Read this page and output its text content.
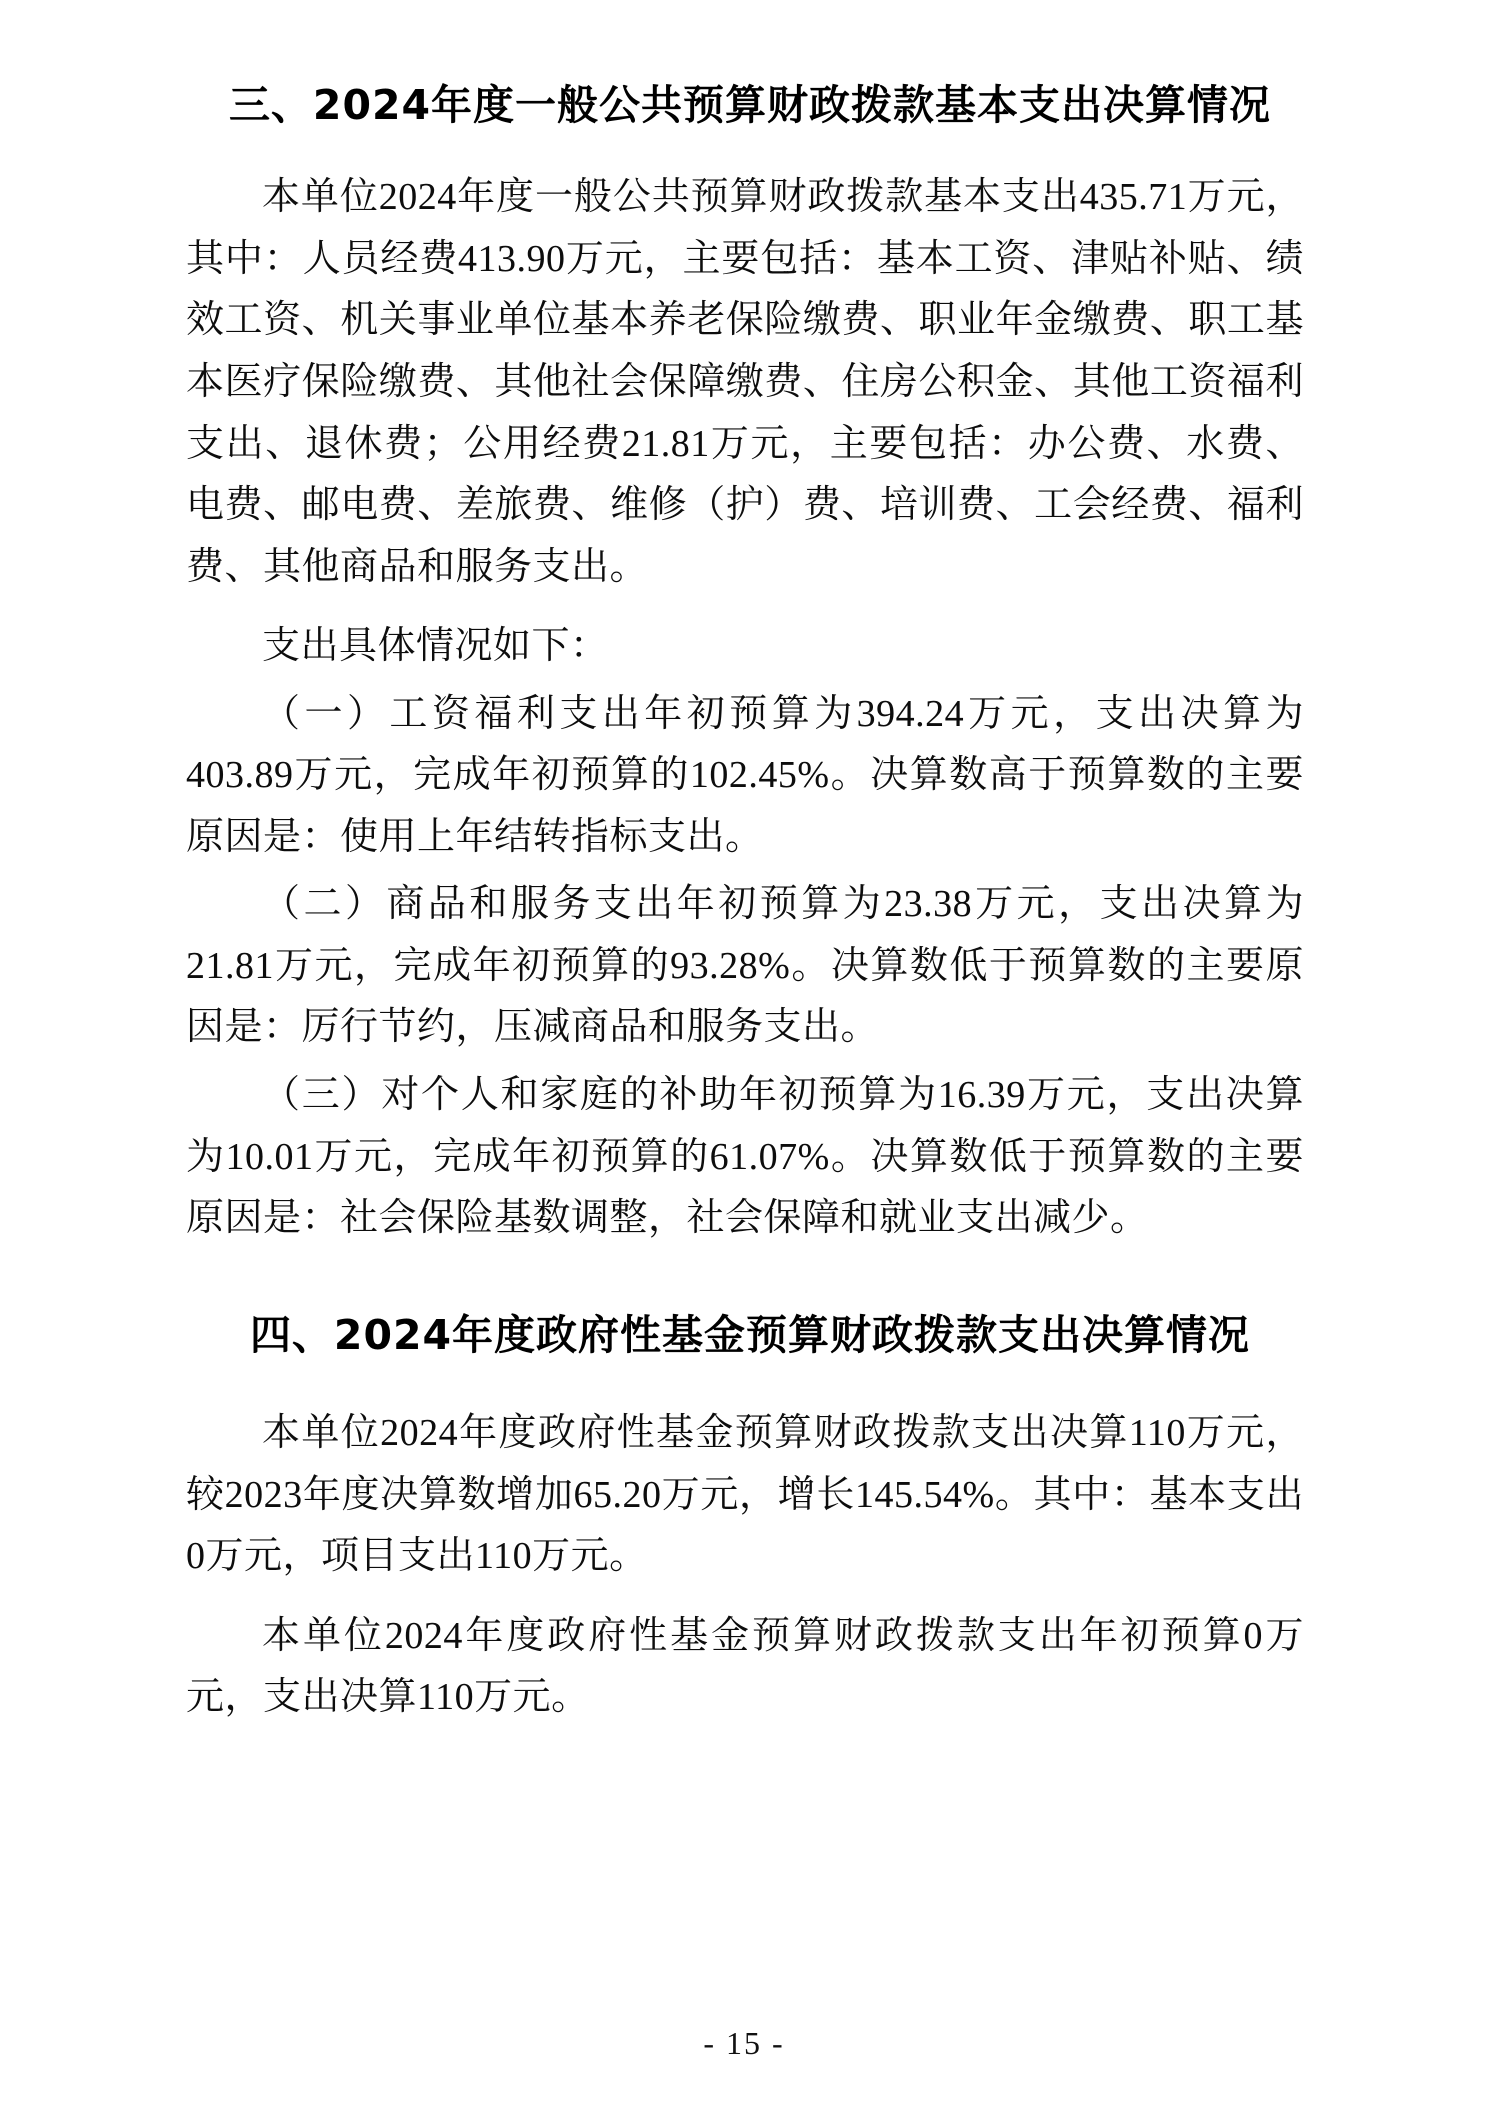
三、2024年度一般公共预算财政拨款基本支出决算情况

本单位2024年度一般公共预算财政拨款基本支出435.71万元，其中：人员经费413.90万元，主要包括：基本工资、津贴补贴、绩效工资、机关事业单位基本养老保险缴费、职业年金缴费、职工基本医疗保险缴费、其他社会保障缴费、住房公积金、其他工资福利支出、退休费；公用经费21.81万元，主要包括：办公费、水费、电费、邮电费、差旅费、维修（护）费、培训费、工会经费、福利费、其他商品和服务支出。

支出具体情况如下：

（一）工资福利支出年初预算为394.24万元，支出决算为403.89万元，完成年初预算的102.45%。决算数高于预算数的主要原因是：使用上年结转指标支出。

（二）商品和服务支出年初预算为23.38万元，支出决算为21.81万元，完成年初预算的93.28%。决算数低于预算数的主要原因是：厉行节约，压减商品和服务支出。

（三）对个人和家庭的补助年初预算为16.39万元，支出决算为10.01万元，完成年初预算的61.07%。决算数低于预算数的主要原因是：社会保险基数调整，社会保障和就业支出减少。

四、2024年度政府性基金预算财政拨款支出决算情况

本单位2024年度政府性基金预算财政拨款支出决算110万元，较2023年度决算数增加65.20万元，增长145.54%。其中：基本支出0万元，项目支出110万元。

本单位2024年度政府性基金预算财政拨款支出年初预算0万元，支出决算110万元。

- 15 -
